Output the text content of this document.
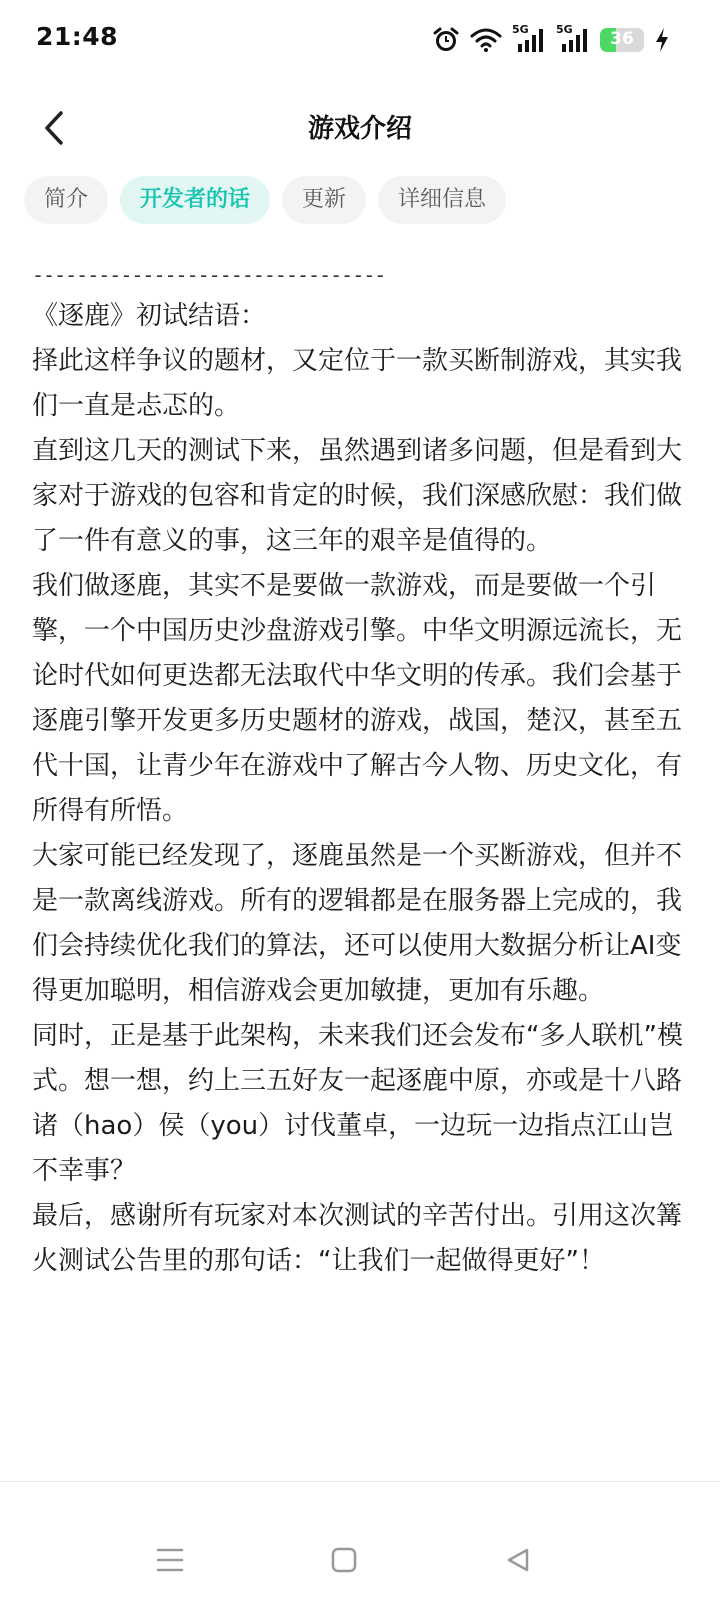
21:48	5G 5G	36
游戏介绍
简介	开发者的话	更新	详细信息
--------------------------------

《逐鹿》初试结语：

择此这样争议的题材，又定位于一款买断制游戏，其实我们一直是忐忑的。

直到这几天的测试下来，虽然遇到诸多问题，但是看到大家对于游戏的包容和肯定的时候，我们深感欣慰：我们做了一件有意义的事，这三年的艰辛是值得的。

我们做逐鹿，其实不是要做一款游戏，而是要做一个引擎，一个中国历史沙盘游戏引擎。中华文明源远流长，无论时代如何更迭都无法取代中华文明的传承。我们会基于逐鹿引擎开发更多历史题材的游戏，战国，楚汉，甚至五代十国，让青少年在游戏中了解古今人物、历史文化，有所得有所悟。

大家可能已经发现了，逐鹿虽然是一个买断游戏，但并不是一款离线游戏。所有的逻辑都是在服务器上完成的，我们会持续优化我们的算法，还可以使用大数据分析让AI变得更加聪明，相信游戏会更加敏捷，更加有乐趣。

同时，正是基于此架构，未来我们还会发布“多人联机”模式。想一想，约上三五好友一起逐鹿中原，亦或是十八路诸（hao）侯（you）讨伐董卓，一边玩一边指点江山岂不幸事？

最后，感谢所有玩家对本次测试的辛苦付出。引用这次篝火测试公告里的那句话：“让我们一起做得更好”！
